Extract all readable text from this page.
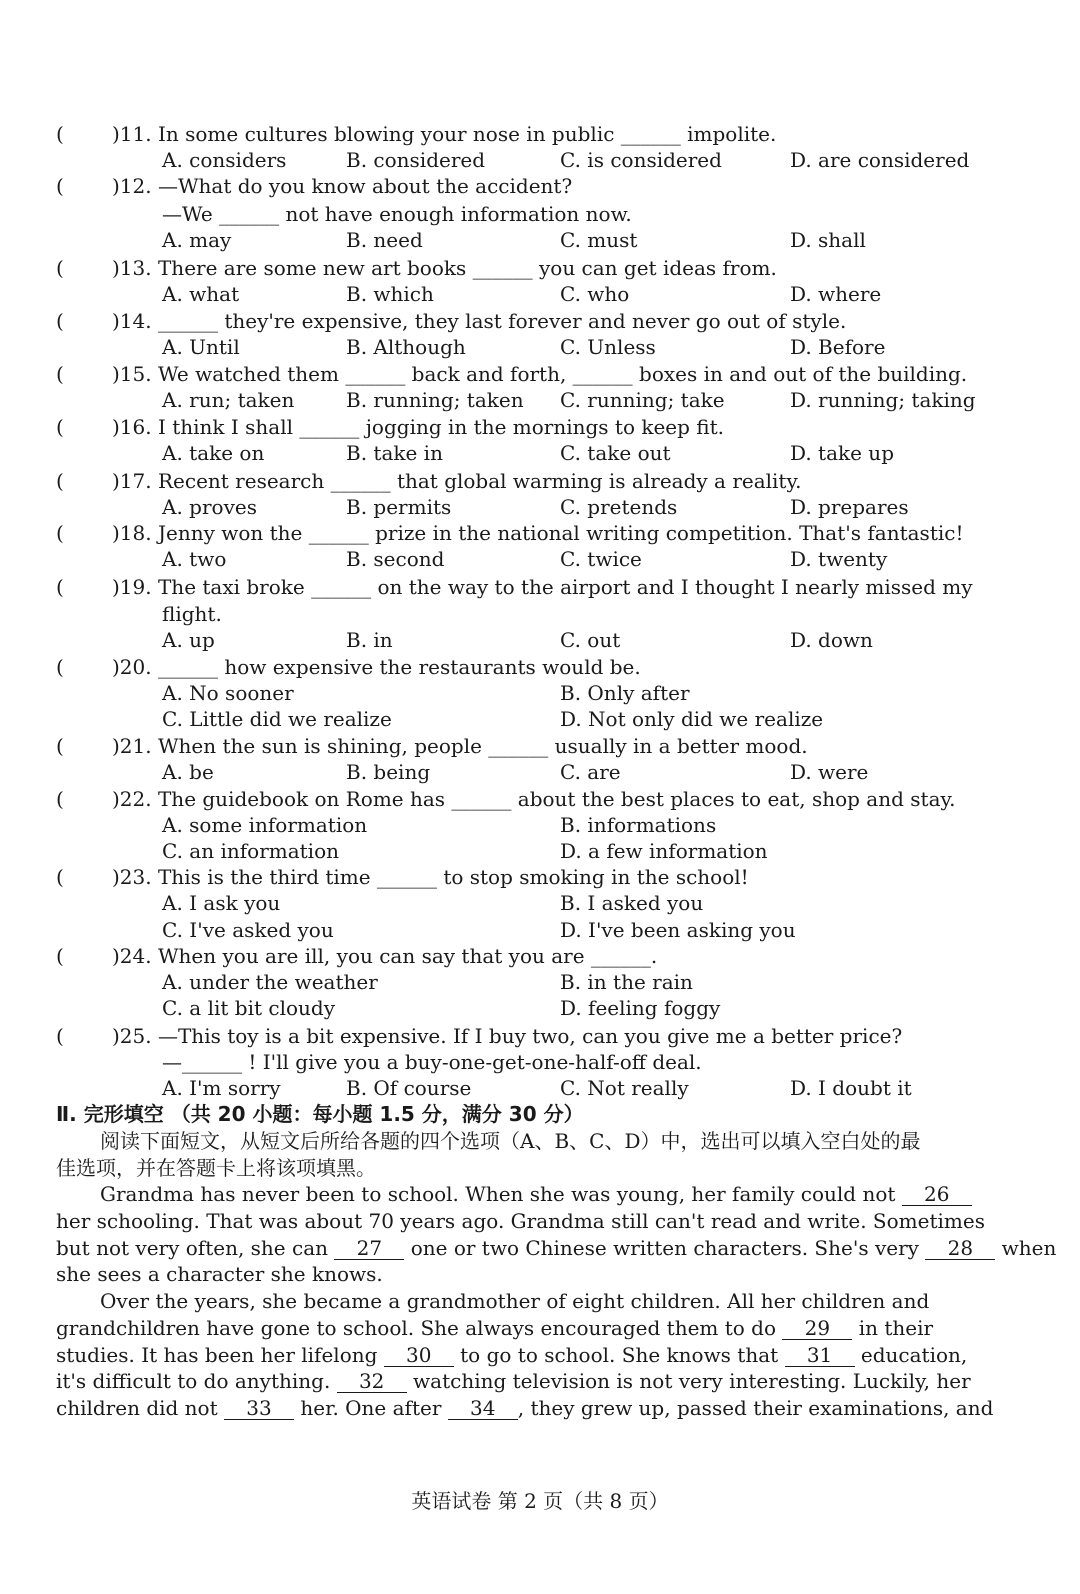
( )11. In some cultures blowing your nose in public ______ impolite.
A. considers	B. considered	C. is considered	D. are considered
( )12. —What do you know about the accident?
—We ______ not have enough information now.
A. may	B. need	C. must	D. shall
( )13. There are some new art books ______ you can get ideas from.
A. what	B. which	C. who	D. where
( )14. ______ they're expensive, they last forever and never go out of style.
A. Until	B. Although	C. Unless	D. Before
( )15. We watched them ______ back and forth, ______ boxes in and out of the building.
A. run; taken	B. running; taken C. running; take	D. running; taking
( )16. I think I shall ______ jogging in the mornings to keep fit.
A. take on	B. take in	C. take out	D. take up
( )17. Recent research ______ that global warming is already a reality.
A. proves	B. permits	C. pretends	D. prepares
( )18. Jenny won the ______ prize in the national writing competition. That's fantastic!
A. two	B. second	C. twice	D. twenty
( )19. The taxi broke ______ on the way to the airport and I thought I nearly missed my
flight.
A. up	B. in	C. out	D. down
( )20. ______ how expensive the restaurants would be.
A. No sooner	B. Only after
C. Little did we realize	D. Not only did we realize
( )21. When the sun is shining, people ______ usually in a better mood.
A. be	B. being	C. are	D. were
( )22. The guidebook on Rome has ______ about the best places to eat, shop and stay.
A. some information	B. informations
C. an information	D. a few information
( )23. This is the third time ______ to stop smoking in the school!
A. I ask you	B. I asked you
C. I've asked you	D. I've been asking you
( )24. When you are ill, you can say that you are ______.
A. under the weather	B. in the rain
C. a lit bit cloudy	D. feeling foggy
( )25. —This toy is a bit expensive. If I buy two, can you give me a better price?
—______ ! I'll give you a buy-one-get-one-half-off deal.
A. I'm sorry	B. Of course	C. Not really	D. I doubt it
Ⅱ. 完形填空 （共 20 小题：每小题 1.5 分，满分 30 分）
阅读下面短文，从短文后所给各题的四个选项（A、B、C、D）中，选出可以填入空白处的最
佳选项，并在答题卡上将该项填黑。
Grandma has never been to school. When she was young, her family could not 26
her schooling. That was about 70 years ago. Grandma still can't read and write. Sometimes
but not very often, she can 27 one or two Chinese written characters. She's very 28 when
she sees a character she knows.
Over the years, she became a grandmother of eight children. All her children and
grandchildren have gone to school. She always encouraged them to do 29 in their
studies. It has been her lifelong 30 to go to school. She knows that 31 education,
it's difficult to do anything. 32 watching television is not very interesting. Luckily, her
children did not 33 her. One after 34 , they grew up, passed their examinations, and
英语试卷 第 2 页（共 8 页）
